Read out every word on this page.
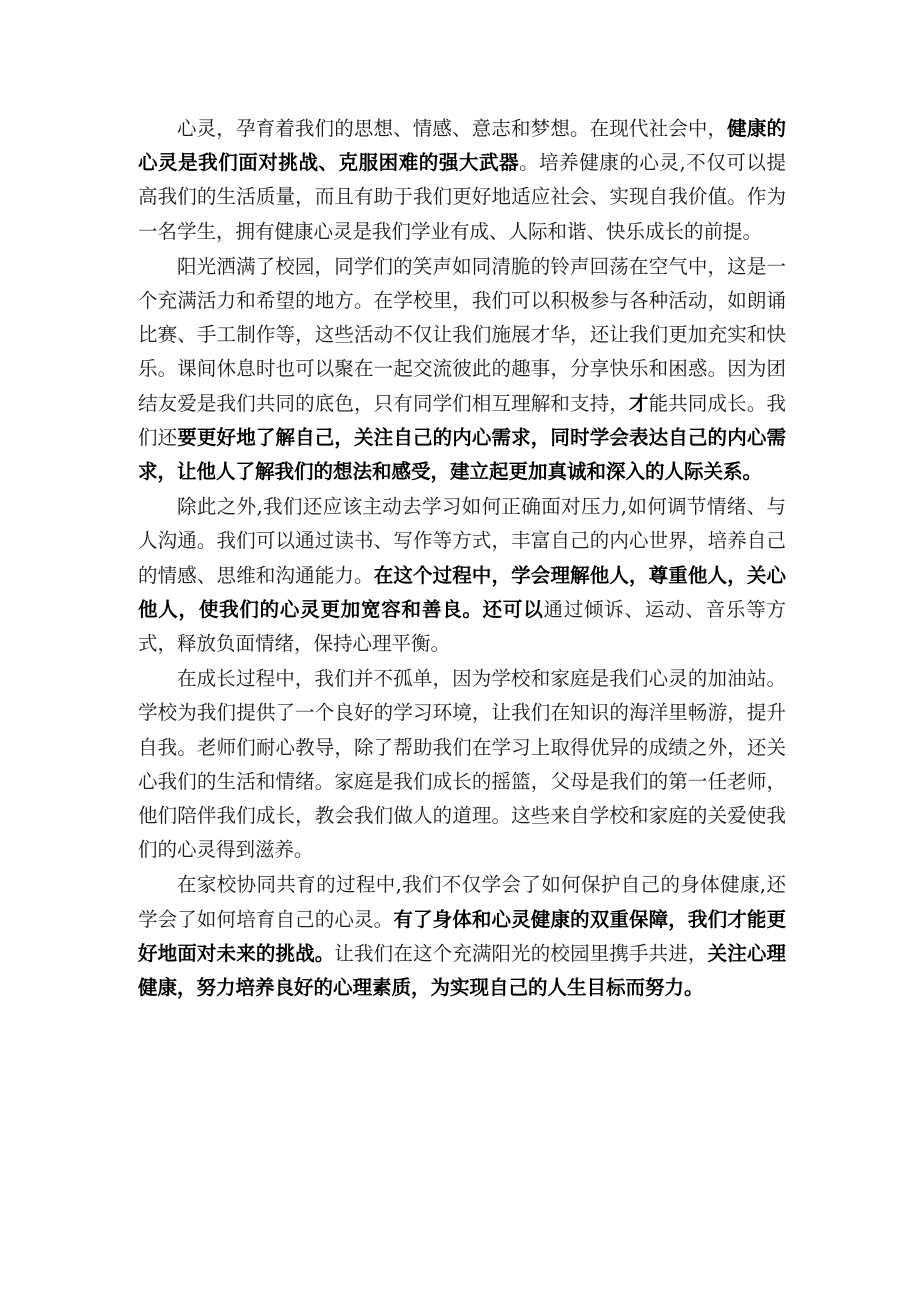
心灵，孕育着我们的思想、情感、意志和梦想。在现代社会中，健康的心灵是我们面对挑战、克服困难的强大武器。培养健康的心灵,不仅可以提高我们的生活质量，而且有助于我们更好地适应社会、实现自我价值。作为一名学生，拥有健康心灵是我们学业有成、人际和谐、快乐成长的前提。

阳光洒满了校园，同学们的笑声如同清脆的铃声回荡在空气中，这是一个充满活力和希望的地方。在学校里，我们可以积极参与各种活动，如朗诵比赛、手工制作等，这些活动不仅让我们施展才华，还让我们更加充实和快乐。课间休息时也可以聚在一起交流彼此的趣事，分享快乐和困惑。因为团结友爱是我们共同的底色，只有同学们相互理解和支持，才能共同成长。我们还要更好地了解自己，关注自己的内心需求，同时学会表达自己的内心需求，让他人了解我们的想法和感受，建立起更加真诚和深入的人际关系。

除此之外,我们还应该主动去学习如何正确面对压力,如何调节情绪、与人沟通。我们可以通过读书、写作等方式，丰富自己的内心世界，培养自己的情感、思维和沟通能力。在这个过程中，学会理解他人，尊重他人，关心他人，使我们的心灵更加宽容和善良。还可以通过倾诉、运动、音乐等方式，释放负面情绪，保持心理平衡。

在成长过程中，我们并不孤单，因为学校和家庭是我们心灵的加油站。学校为我们提供了一个良好的学习环境，让我们在知识的海洋里畅游，提升自我。老师们耐心教导，除了帮助我们在学习上取得优异的成绩之外，还关心我们的生活和情绪。家庭是我们成长的摇篮，父母是我们的第一任老师，他们陪伴我们成长，教会我们做人的道理。这些来自学校和家庭的关爱使我们的心灵得到滋养。

在家校协同共育的过程中,我们不仅学会了如何保护自己的身体健康,还学会了如何培育自己的心灵。有了身体和心灵健康的双重保障，我们才能更好地面对未来的挑战。让我们在这个充满阳光的校园里携手共进，关注心理健康，努力培养良好的心理素质，为实现自己的人生目标而努力。
